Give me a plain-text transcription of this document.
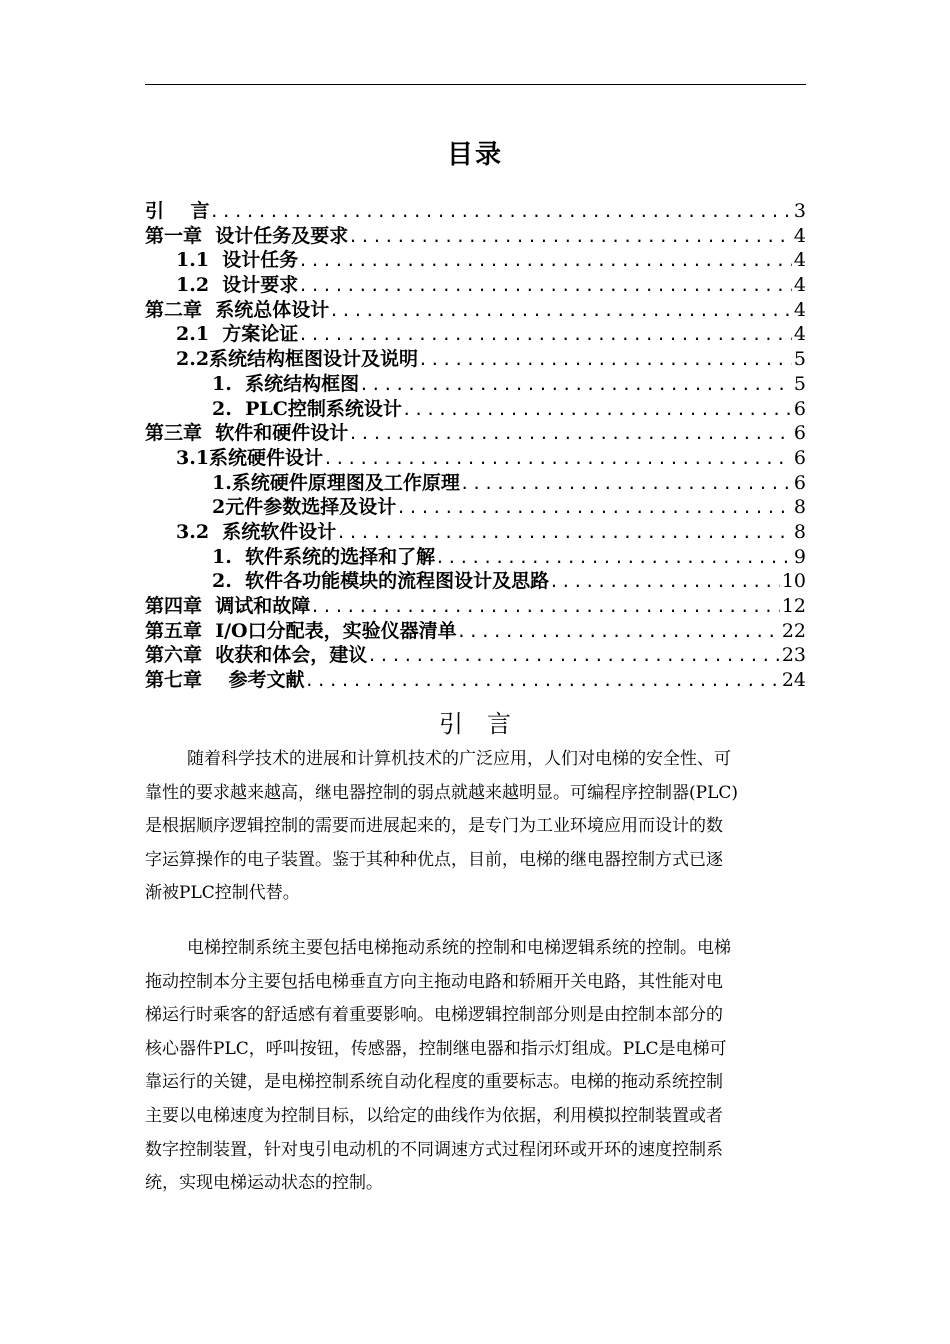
目录
引    言 .....	3
第一章  设计任务及要求 .....	4
1.1  设计任务 .....	4
1.2  设计要求 .....	4
第二章  系统总体设计 .....	4
2.1  方案论证 .....	4
2.2系统结构框图设计及说明 .....	5
1.  系统结构框图 .....	5
2.  PLC控制系统设计 .....	6
第三章  软件和硬件设计 .....	6
3.1系统硬件设计 .....	6
1.系统硬件原理图及工作原理 .....	6
2元件参数选择及设计 .....	8
3.2  系统软件设计 .....	8
1.  软件系统的选择和了解 .....	9
2.  软件各功能模块的流程图设计及思路 .....	10
第四章  调试和故障 .....	12
第五章  I/O口分配表，实验仪器清单 .....	22
第六章  收获和体会，建议 .....	23
第七章    参考文献 .....	24
引言
随着科学技术的进展和计算机技术的广泛应用，人们对电梯的安全性、可
靠性的要求越来越高，继电器控制的弱点就越来越明显。可编程序控制器(PLC)
是根据顺序逻辑控制的需要而进展起来的，是专门为工业环境应用而设计的数
字运算操作的电子装置。鉴于其种种优点，目前，电梯的继电器控制方式已逐
渐被PLC控制代替。
电梯控制系统主要包括电梯拖动系统的控制和电梯逻辑系统的控制。电梯
拖动控制本分主要包括电梯垂直方向主拖动电路和轿厢开关电路，其性能对电
梯运行时乘客的舒适感有着重要影响。电梯逻辑控制部分则是由控制本部分的
核心器件PLC，呼叫按钮，传感器，控制继电器和指示灯组成。PLC是电梯可
靠运行的关键，是电梯控制系统自动化程度的重要标志。电梯的拖动系统控制
主要以电梯速度为控制目标，以给定的曲线作为依据，利用模拟控制装置或者
数字控制装置，针对曳引电动机的不同调速方式过程闭环或开环的速度控制系
统，实现电梯运动状态的控制。
